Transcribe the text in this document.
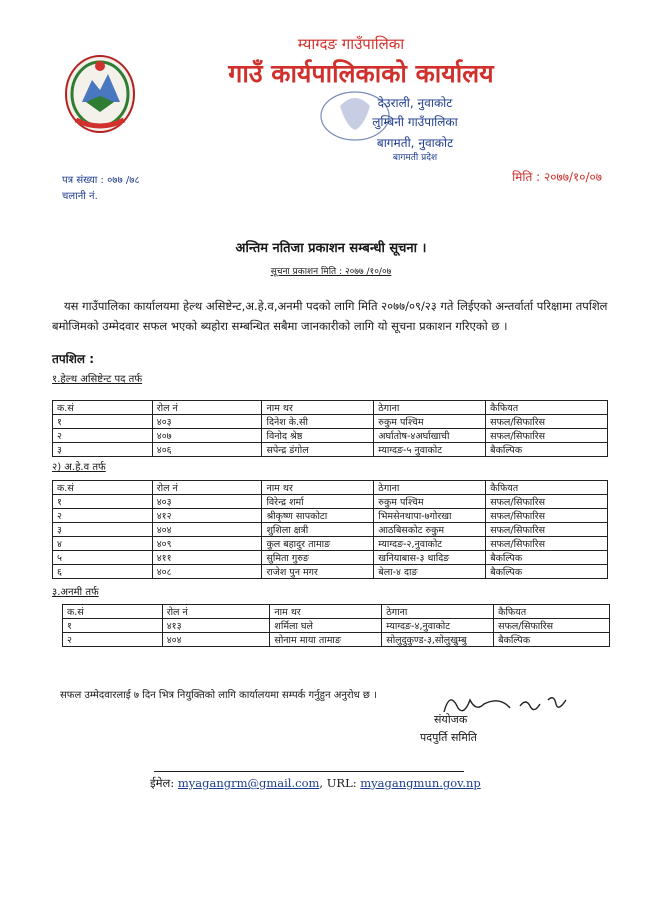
म्याग्दङ गाउँपालिका
गाउँ कार्यपालिकाको कार्यालय
देउराली, नुवाकोट
लुम्बिनी गाउँपालिका
बागमती, नुवाकोट
बागमती प्रदेश
पत्र संख्या : ०७७ /७८
चलानी नं.
मिति : २०७७/१०/०७
अन्तिम नतिजा प्रकाशन सम्बन्धी सूचना ।
सूचना प्रकाशन मिति : २०७७ /१०/०७
यस गाउँपालिका कार्यालयमा हेल्थ असिष्टेन्ट,अ.हे.व,अनमी पदको लागि मिति २०७७/०९/२३ गते लिईएको अन्तर्वार्ता परिक्षामा तपशिल बमोजिमको उम्मेदवार सफल भएको ब्यहोरा सम्बन्धित सबैमा जानकारीको लागि यो सूचना प्रकाशन गरिएको छ ।
तपशिल :
१.हेल्थ असिष्टेन्ट पद तर्फ
क.सं	रोल नं	नाम थर	ठेगाना	कैफियत
१	४०३	दिनेश के.सी	रुकुम पश्चिम	सफल/सिफारिस
२	४०७	विनोद श्रेष्ठ	अर्घातोष-४अर्घाखाची	सफल/सिफारिस
३	४०६	सपेन्द्र डंगोल	म्याग्दङ-५ नुवाकोट	बैकल्पिक
२) अ.हे.व तर्फ
क.सं	रोल नं	नाम थर	ठेगाना	कैफियत
१	४०३	विरेन्द्र शर्मा	रुकुम पश्चिम	सफल/सिफारिस
२	४१२	श्रीकृष्ण सापकोटा	भिमसेनथापा-७गोरखा	सफल/सिफारिस
३	४०४	शुशिला क्षत्री	आठबिसकोट रुकुम	सफल/सिफारिस
४	४०९	कुल बहादुर तामाङ	म्याग्दङ-२,नुवाकोट	सफल/सिफारिस
५	४११	सुमिता गुरुङ	खनियाबास-३ धादिङ	बैकल्पिक
६	४०८	राजेश पुन मगर	बेला-४ दाङ	बैकल्पिक
३.अनमी तर्फ
क.सं	रोल नं	नाम थर	ठेगाना	कैफियत
१	४१३	शर्मिला घले	म्याग्दङ-४,नुवाकोट	सफल/सिफारिस
२	४०४	सोनाम माया तामाङ	सोलुदुकुण्ड-३,सोलुखुम्बु	बैकल्पिक
सफल उम्मेदवारलाई ७ दिन भित्र नियुक्तिको लागि कार्यालयमा सम्पर्क गर्नुहुन अनुरोध छ ।
संयोजक
पदपुर्ति समिति
ईमेल: myagangrm@gmail.com, URL: myagangmun.gov.np
